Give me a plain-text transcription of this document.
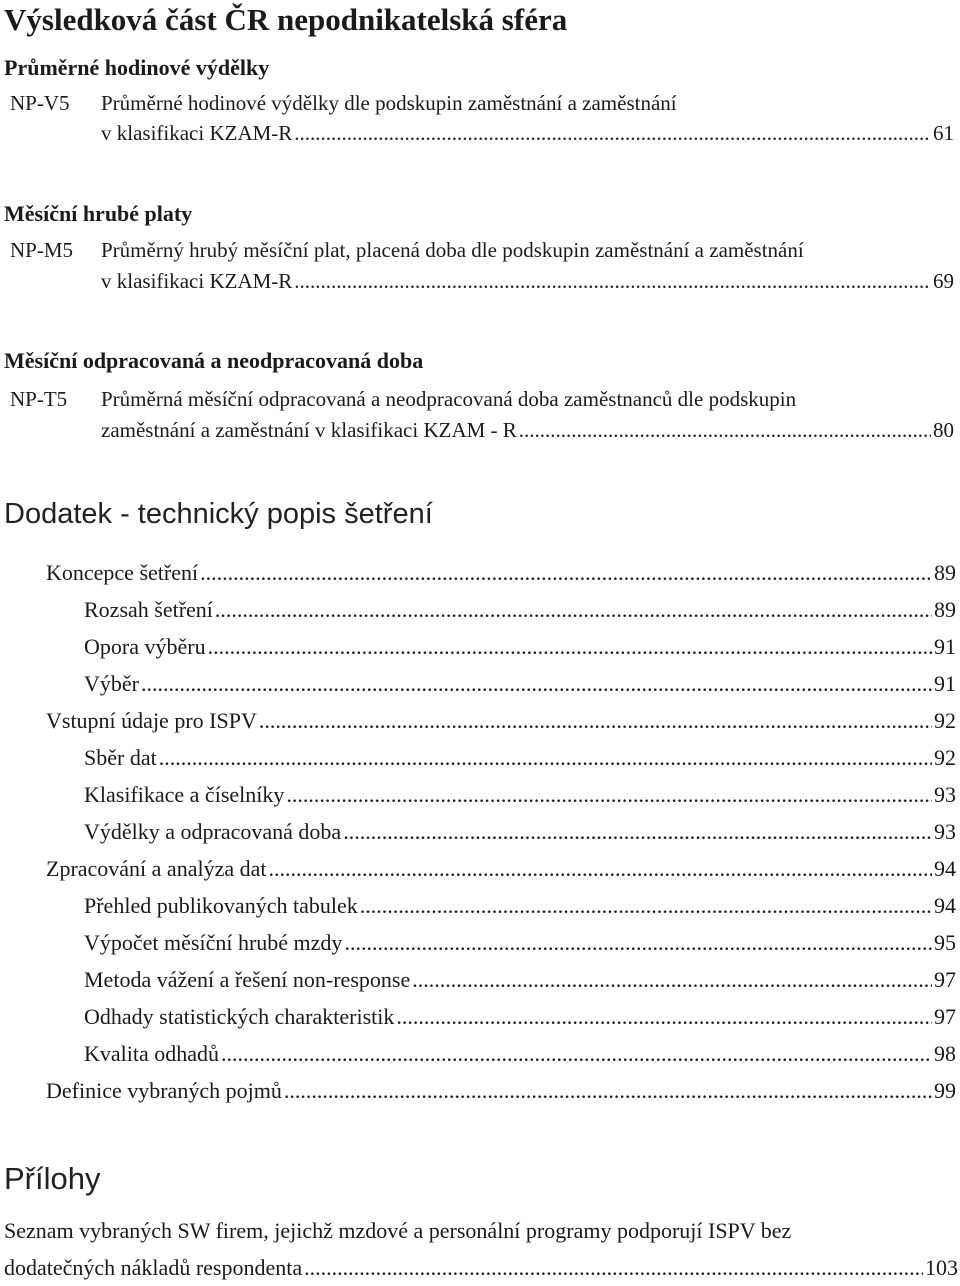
Výsledková část ČR nepodnikatelská sféra
Průměrné hodinové výdělky
NP-V5 Průměrné hodinové výdělky dle podskupin zaměstnání a zaměstnání
v klasifikaci KZAM-R .....	61
Měsíční hrubé platy
NP-M5 Průměrný hrubý měsíční plat, placená doba dle podskupin zaměstnání a zaměstnání
v klasifikaci KZAM-R .....	69
Měsíční odpracovaná a neodpracovaná doba
NP-T5 Průměrná měsíční odpracovaná a neodpracovaná doba zaměstnanců dle podskupin
zaměstnání a zaměstnání v klasifikaci KZAM - R .....	80
Dodatek - technický popis šetření
Koncepce šetření .....	89
Rozsah šetření .....	89
Opora výběru .....	91
Výběr .....	91
Vstupní údaje pro ISPV .....	92
Sběr dat .....	92
Klasifikace a číselníky .....	93
Výdělky a odpracovaná doba .....	93
Zpracování a analýza dat .....	94
Přehled publikovaných tabulek .....	94
Výpočet měsíční hrubé mzdy .....	95
Metoda vážení a řešení non-response .....	97
Odhady statistických charakteristik .....	97
Kvalita odhadů .....	98
Definice vybraných pojmů .....	99
Přílohy
Seznam vybraných SW firem, jejichž mzdové a personální programy podporují ISPV bez
dodatečných nákladů respondenta .....	103
